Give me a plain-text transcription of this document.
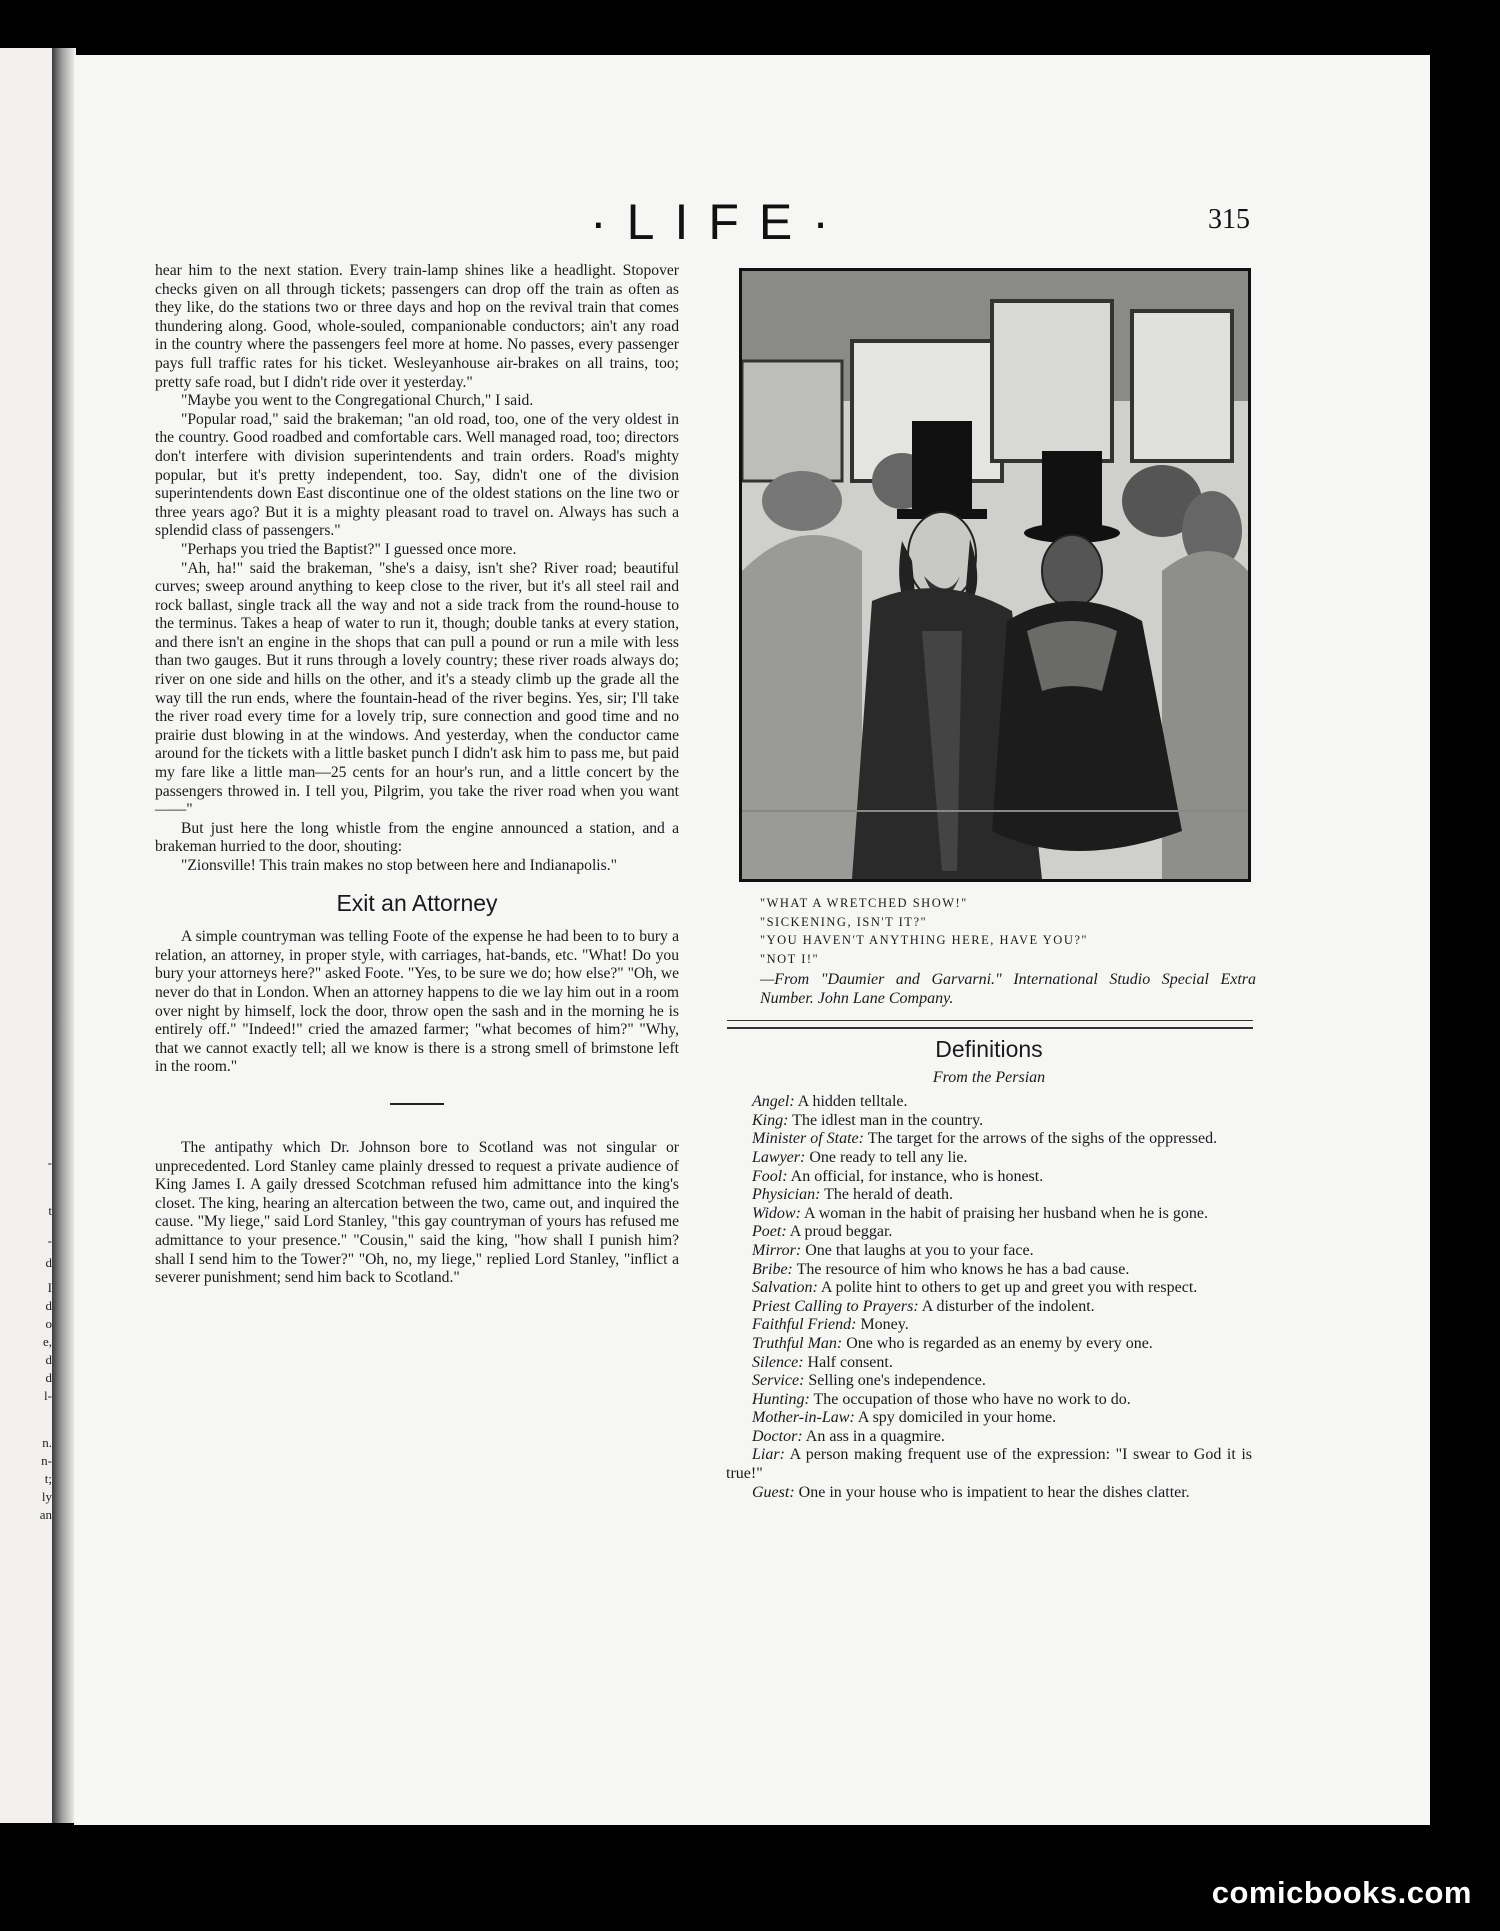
-
t
-
d
I
d
o
e,
d
d
l-
n.
n-
t;
ly
an
·LIFE·	315

hear him to the next station. Every train-lamp shines like a headlight. Stopover checks given on all through tickets; passengers can drop off the train as often as they like, do the stations two or three days and hop on the revival train that comes thundering along. Good, whole-souled, companionable conductors; ain't any road in the country where the passengers feel more at home. No passes, every passenger pays full traffic rates for his ticket. Wesleyanhouse air-brakes on all trains, too; pretty safe road, but I didn't ride over it yesterday."

"Maybe you went to the Congregational Church," I said.

"Popular road," said the brakeman; "an old road, too, one of the very oldest in the country. Good roadbed and comfortable cars. Well managed road, too; directors don't interfere with division superintendents and train orders. Road's mighty popular, but it's pretty independent, too. Say, didn't one of the division superintendents down East discontinue one of the oldest stations on the line two or three years ago? But it is a mighty pleasant road to travel on. Always has such a splendid class of passengers."

"Perhaps you tried the Baptist?" I guessed once more.

"Ah, ha!" said the brakeman, "she's a daisy, isn't she? River road; beautiful curves; sweep around anything to keep close to the river, but it's all steel rail and rock ballast, single track all the way and not a side track from the round-house to the terminus. Takes a heap of water to run it, though; double tanks at every station, and there isn't an engine in the shops that can pull a pound or run a mile with less than two gauges. But it runs through a lovely country; these river roads always do; river on one side and hills on the other, and it's a steady climb up the grade all the way till the run ends, where the fountain-head of the river begins. Yes, sir; I'll take the river road every time for a lovely trip, sure connection and good time and no prairie dust blowing in at the windows. And yesterday, when the conductor came around for the tickets with a little basket punch I didn't ask him to pass me, but paid my fare like a little man—25 cents for an hour's run, and a little concert by the passengers throwed in. I tell you, Pilgrim, you take the river road when you want——"

But just here the long whistle from the engine announced a station, and a brakeman hurried to the door, shouting:

"Zionsville! This train makes no stop between here and Indianapolis."

Exit an Attorney

A simple countryman was telling Foote of the expense he had been to to bury a relation, an attorney, in proper style, with carriages, hat-bands, etc. "What! Do you bury your attorneys here?" asked Foote. "Yes, to be sure we do; how else?" "Oh, we never do that in London. When an attorney happens to die we lay him out in a room over night by himself, lock the door, throw open the sash and in the morning he is entirely off." "Indeed!" cried the amazed farmer; "what becomes of him?" "Why, that we cannot exactly tell; all we know is there is a strong smell of brimstone left in the room."

The antipathy which Dr. Johnson bore to Scotland was not singular or unprecedented. Lord Stanley came plainly dressed to request a private audience of King James I. A gaily dressed Scotchman refused him admittance into the king's closet. The king, hearing an altercation between the two, came out, and inquired the cause. "My liege," said Lord Stanley, "this gay countryman of yours has refused me admittance to your presence." "Cousin," said the king, "how shall I punish him? shall I send him to the Tower?" "Oh, no, my liege," replied Lord Stanley, "inflict a severer punishment; send him back to Scotland."

"WHAT A WRETCHED SHOW!"
"SICKENING, ISN'T IT?"
"YOU HAVEN'T ANYTHING HERE, HAVE YOU?"
"NOT I!"
—From "Daumier and Garvarni." International Studio Special Extra Number. John Lane Company.
Definitions
From the Persian

Angel: A hidden telltale.

King: The idlest man in the country.

Minister of State: The target for the arrows of the sighs of the oppressed.

Lawyer: One ready to tell any lie.

Fool: An official, for instance, who is honest.

Physician: The herald of death.

Widow: A woman in the habit of praising her husband when he is gone.

Poet: A proud beggar.

Mirror: One that laughs at you to your face.

Bribe: The resource of him who knows he has a bad cause.

Salvation: A polite hint to others to get up and greet you with respect.

Priest Calling to Prayers: A disturber of the indolent.

Faithful Friend: Money.

Truthful Man: One who is regarded as an enemy by every one.

Silence: Half consent.

Service: Selling one's independence.

Hunting: The occupation of those who have no work to do.

Mother-in-Law: A spy domiciled in your home.

Doctor: An ass in a quagmire.

Liar: A person making frequent use of the expression: "I swear to God it is true!"

Guest: One in your house who is impatient to hear the dishes clatter.

comicbooks.com
